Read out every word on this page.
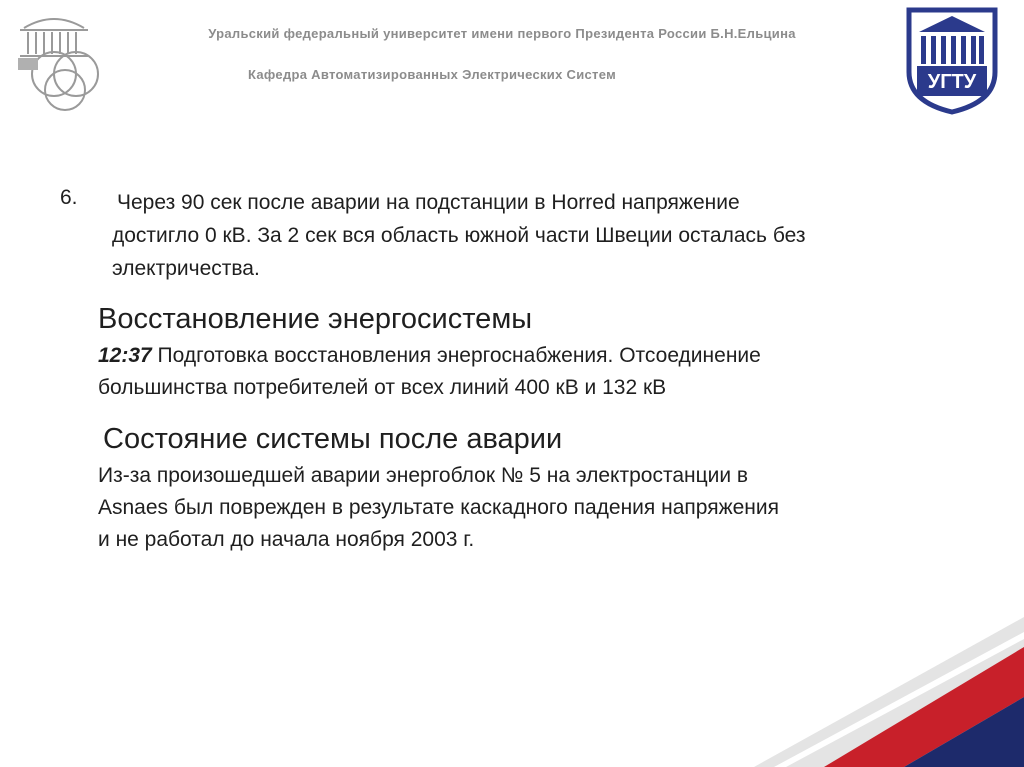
Уральский федеральный университет имени первого Президента России Б.Н.Ельцина
Кафедра Автоматизированных Электрических Систем	УГТУ
6. Через 90 сек после аварии на подстанции в Horred напряжение
достигло 0 кВ. За 2 сек вся область южной части Швеции осталась без
электричества.
Восстановление энергосистемы
12:37 Подготовка восстановления энергоснабжения. Отсоединение
большинства потребителей от всех линий 400 кВ и 132 кВ
Состояние системы после аварии
Из-за произошедшей аварии энергоблок № 5 на электростанции в
Asnaes был поврежден в результате каскадного падения напряжения
и не работал до начала ноября 2003 г.
